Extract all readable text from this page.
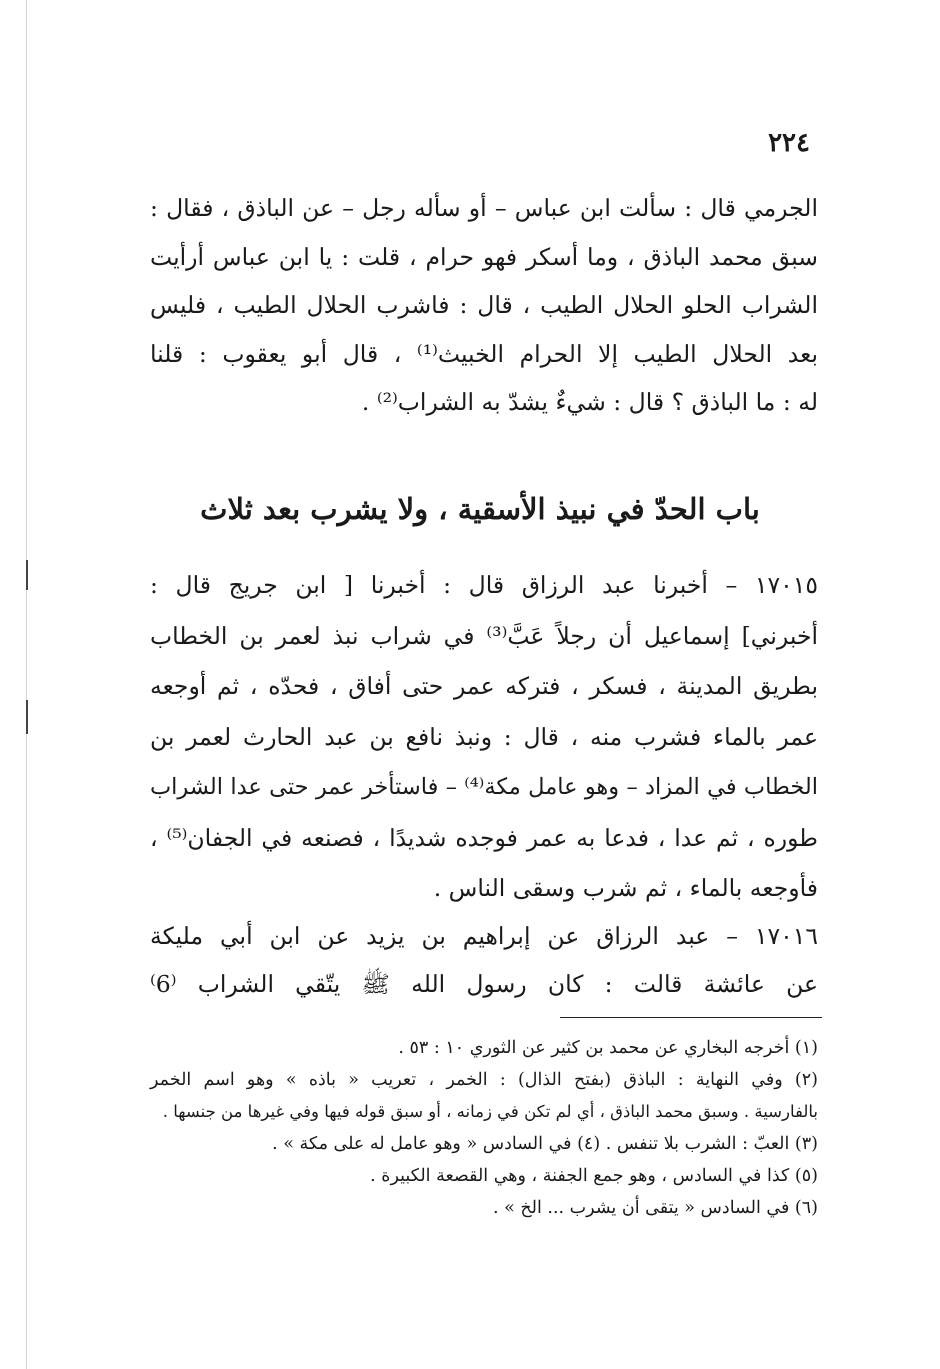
٢٢٤
الجرمي قال : سألت ابن عباس – أو سأله رجل – عن الباذق ، فقال :
سبق محمد الباذق ، وما أسكر فهو حرام ، قلت : يا ابن عباس أرأيت
الشراب الحلو الحلال الطيب ، قال : فاشرب الحلال الطيب ، فليس
بعد الحلال الطيب إلا الحرام الخبيث⁽¹⁾ ، قال أبو يعقوب : قلنا
له : ما الباذق ؟ قال : شيءٌ يشدّ به الشراب⁽²⁾ .
باب الحدّ في نبيذ الأسقية ، ولا يشرب بعد ثلاث
١٧٠١٥ – أخبرنا عبد الرزاق قال : أخبرنا [ ابن جريج قال :
أخبرني] إسماعيل أن رجلاً عَبَّ⁽³⁾ في شراب نبذ لعمر بن الخطاب
بطريق المدينة ، فسكر ، فتركه عمر حتى أفاق ، فحدّه ، ثم أوجعه
عمر بالماء فشرب منه ، قال : ونبذ نافع بن عبد الحارث لعمر بن
الخطاب في المزاد – وهو عامل مكة⁽⁴⁾ – فاستأخر عمر حتى عدا الشراب
طوره ، ثم عدا ، فدعا به عمر فوجده شديدًا ، فصنعه في الجفان⁽⁵⁾ ،
فأوجعه بالماء ، ثم شرب وسقى الناس .
١٧٠١٦ – عبد الرزاق عن إبراهيم بن يزيد عن ابن أبي مليكة
عن عائشة قالت : كان رسول الله ﷺ يتّقي الشراب ⁽6⁾
(١) أخرجه البخاري عن محمد بن كثير عن الثوري ١٠ : ٥٣ .
(٢) وفي النهاية : الباذق (بفتح الذال) : الخمر ، تعريب « باذه » وهو اسم الخمر
بالفارسية . وسبق محمد الباذق ، أي لم تكن في زمانه ، أو سبق قوله فيها وفي غيرها من جنسها .
(٣) العبّ : الشرب بلا تنفس . (٤) في السادس « وهو عامل له على مكة » .
(٥) كذا في السادس ، وهو جمع الجفنة ، وهي القصعة الكبيرة .
(٦) في السادس « يتقى أن يشرب ... الخ » .
